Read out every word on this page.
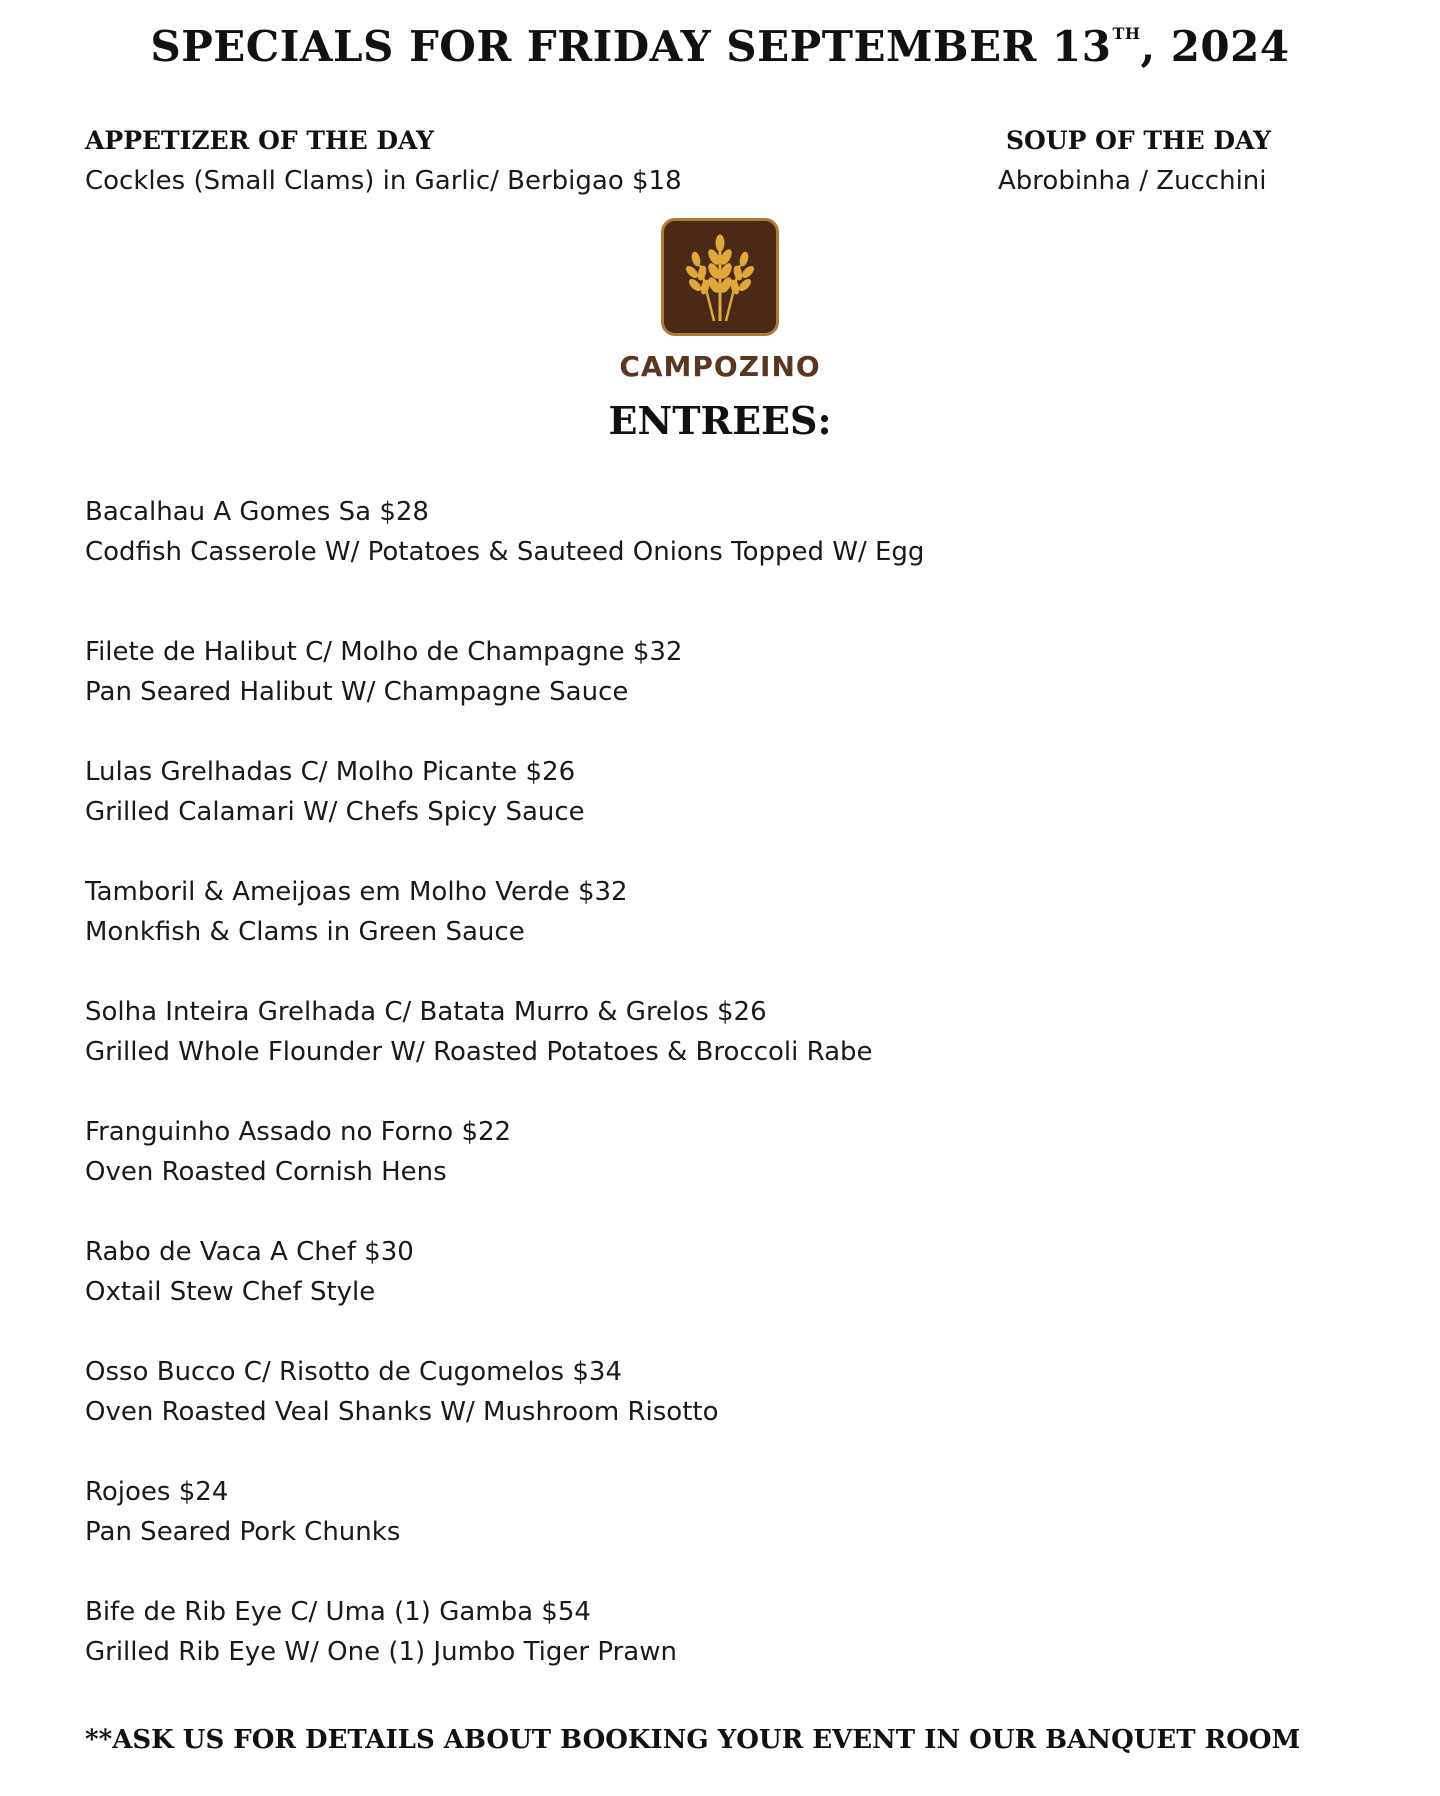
SPECIALS FOR FRIDAY SEPTEMBER 13TH, 2024
APPETIZER OF THE DAY
Cockles (Small Clams) in Garlic/ Berbigao $18
SOUP OF THE DAY
Abrobinha / Zucchini
CAMPOZINO
ENTREES:
Bacalhau A Gomes Sa $28
Codfish Casserole W/ Potatoes & Sauteed Onions Topped W/ Egg
Filete de Halibut C/ Molho de Champagne $32
Pan Seared Halibut W/ Champagne Sauce
Lulas Grelhadas C/ Molho Picante $26
Grilled Calamari W/ Chefs Spicy Sauce
Tamboril & Ameijoas em Molho Verde $32
Monkfish & Clams in Green Sauce
Solha Inteira Grelhada C/ Batata Murro & Grelos $26
Grilled Whole Flounder W/ Roasted Potatoes & Broccoli Rabe
Franguinho Assado no Forno $22
Oven Roasted Cornish Hens
Rabo de Vaca A Chef $30
Oxtail Stew Chef Style
Osso Bucco C/ Risotto de Cugomelos $34
Oven Roasted Veal Shanks W/ Mushroom Risotto
Rojoes $24
Pan Seared Pork Chunks
Bife de Rib Eye C/ Uma (1) Gamba $54
Grilled Rib Eye W/ One (1) Jumbo Tiger Prawn
**ASK US FOR DETAILS ABOUT BOOKING YOUR EVENT IN OUR BANQUET ROOM
